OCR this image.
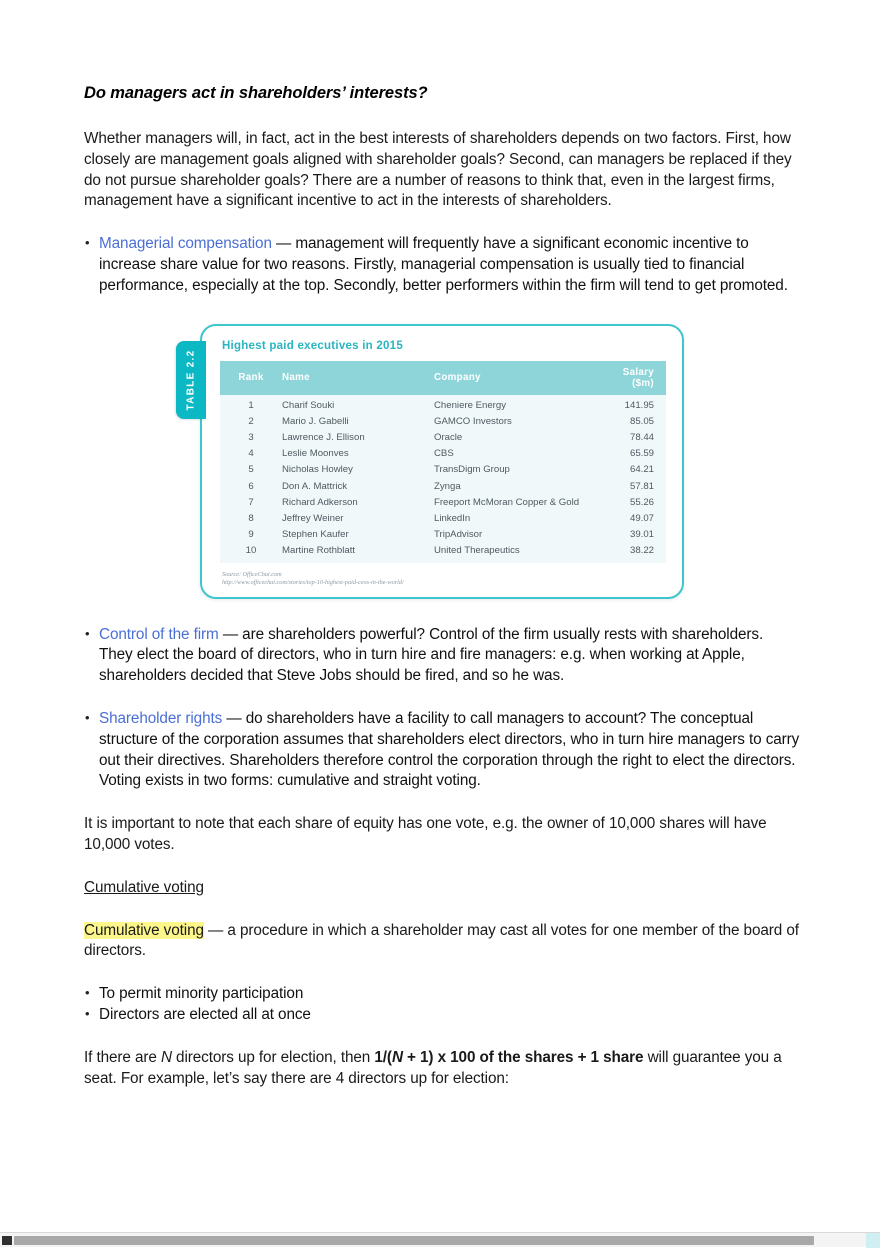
Do managers act in shareholders’ interests?

Whether managers will, in fact, act in the best interests of shareholders depends on two factors. First, how closely are management goals aligned with shareholder goals? Second, can managers be replaced if they do not pursue shareholder goals? There are a number of reasons to think that, even in the largest firms, management have a significant incentive to act in the interests of shareholders.

• Managerial compensation — management will frequently have a significant economic incentive to increase share value for two reasons. Firstly, managerial compensation is usually tied to financial performance, especially at the top. Secondly, better performers within the firm will tend to get promoted.
TABLE 2.2
Highest paid executives in 2015
Rank	Name	Company	Salary ($m)
1	Charif Souki	Cheniere Energy	141.95
2	Mario J. Gabelli	GAMCO Investors	85.05
3	Lawrence J. Ellison	Oracle	78.44
4	Leslie Moonves	CBS	65.59
5	Nicholas Howley	TransDigm Group	64.21
6	Don A. Mattrick	Zynga	57.81
7	Richard Adkerson	Freeport McMoran Copper & Gold	55.26
8	Jeffrey Weiner	LinkedIn	49.07
9	Stephen Kaufer	TripAdvisor	39.01
10	Martine Rothblatt	United Therapeutics	38.22
Source: OfficeChai.com
http://www.officechai.com/stories/top-10-highest-paid-ceos-in-the-world/
• Control of the firm — are shareholders powerful? Control of the firm usually rests with shareholders. They elect the board of directors, who in turn hire and fire managers: e.g. when working at Apple, shareholders decided that Steve Jobs should be fired, and so he was.
• Shareholder rights — do shareholders have a facility to call managers to account? The conceptual structure of the corporation assumes that shareholders elect directors, who in turn hire managers to carry out their directives. Shareholders therefore control the corporation through the right to elect the directors. Voting exists in two forms: cumulative and straight voting.

It is important to note that each share of equity has one vote, e.g. the owner of 10,000 shares will have 10,000 votes.

Cumulative voting

Cumulative voting — a procedure in which a shareholder may cast all votes for one member of the board of directors.

• To permit minority participation
• Directors are elected all at once

If there are N directors up for election, then 1/(N + 1) x 100 of the shares + 1 share will guarantee you a seat. For example, let’s say there are 4 directors up for election:
